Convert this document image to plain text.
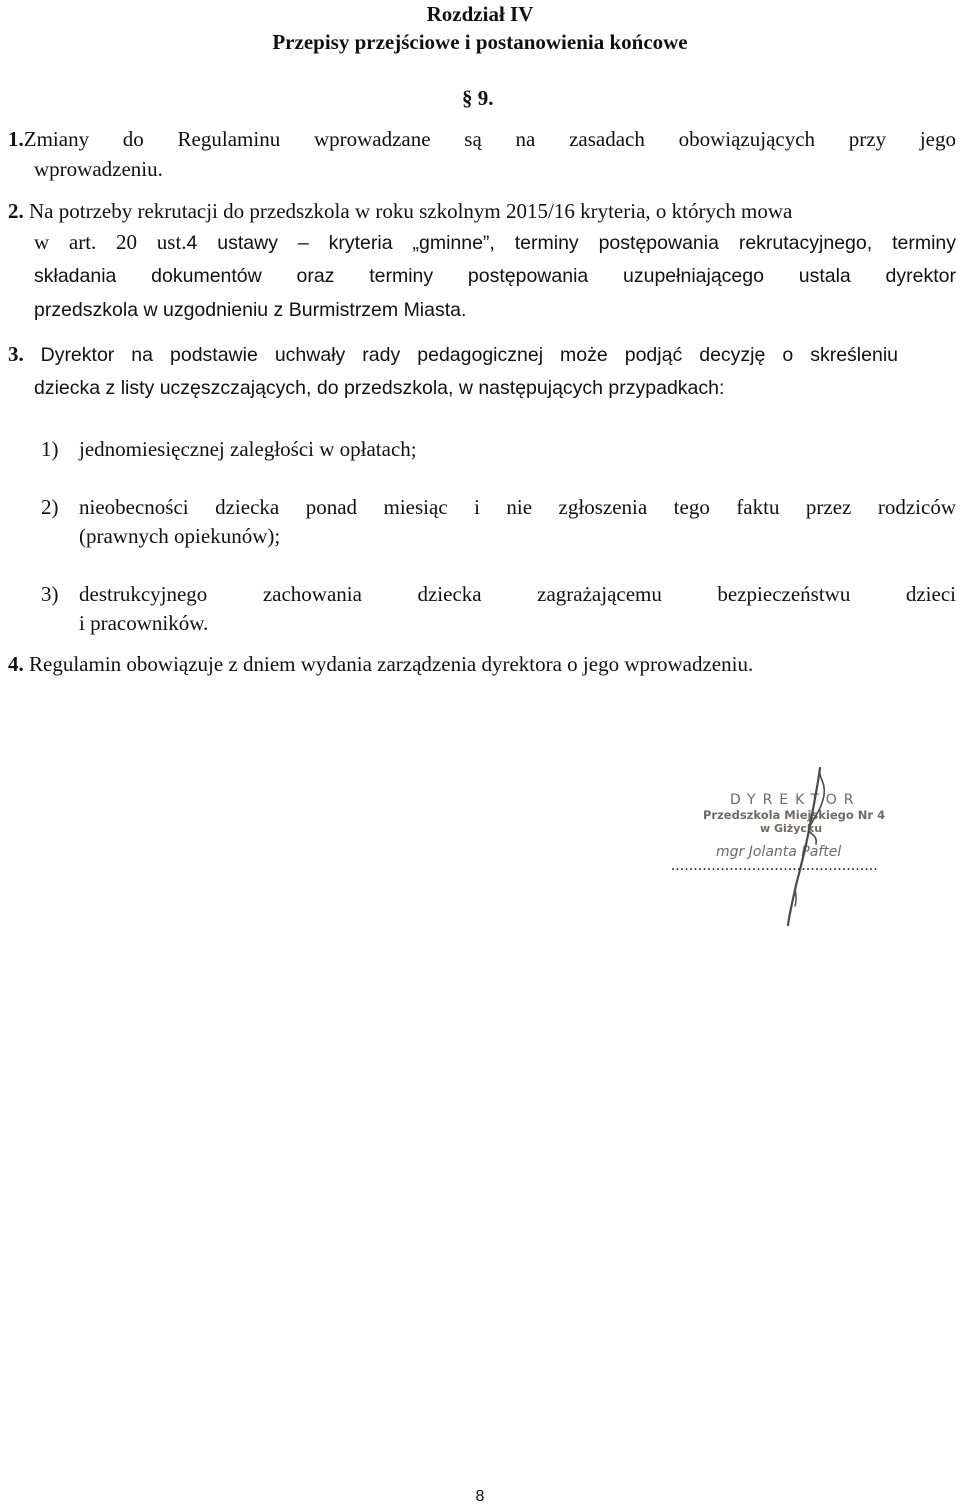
Rozdział IV
Przepisy przejściowe i postanowienia końcowe
§ 9.
1.Zmiany do Regulaminu wprowadzane są na zasadach obowiązujących przy jego
wprowadzeniu.
2. Na potrzeby rekrutacji do przedszkola w roku szkolnym 2015/16 kryteria, o których mowa
w art. 20 ust.4 ustawy – kryteria „gminne”, terminy postępowania rekrutacyjnego, terminy
składania dokumentów oraz terminy postępowania uzupełniającego ustala dyrektor
przedszkola w uzgodnieniu z Burmistrzem Miasta.
3. Dyrektor na podstawie uchwały rady pedagogicznej może podjąć decyzję o skreśleniu
dziecka z listy uczęszczających, do przedszkola, w następujących przypadkach:
1) jednomiesięcznej zaległości w opłatach;
2) nieobecności dziecka ponad miesiąc i nie zgłoszenia tego faktu przez rodziców
(prawnych opiekunów);
3) destrukcyjnego zachowania dziecka zagrażającemu bezpieczeństwu dzieci
i pracowników.
4. Regulamin obowiązuje z dniem wydania zarządzenia dyrektora o jego wprowadzeniu.
DYREKTOR
Przedszkola Miejskiego Nr 4
w Giżycku
mgr Jolanta Paftel
..............................................
8
